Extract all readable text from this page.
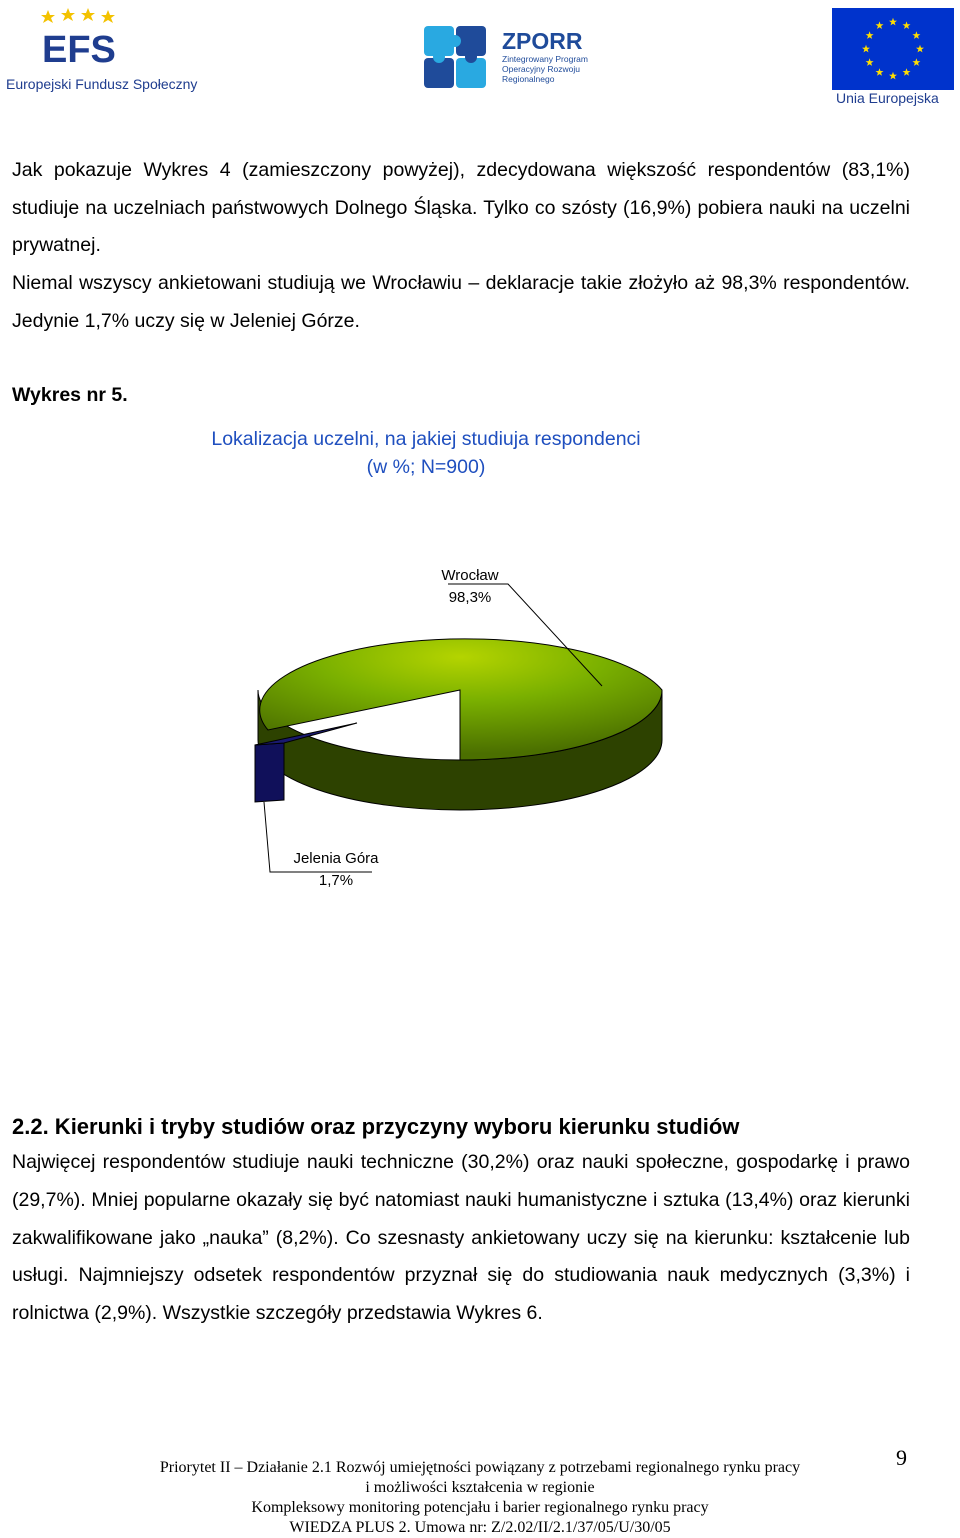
EFS
Europejski Fundusz Społeczny
ZPORR
Zintegrowany Program Operacyjny Rozwoju Regionalnego
Unia Europejska
Jak pokazuje Wykres 4 (zamieszczony powyżej), zdecydowana większość respondentów (83,1%) studiuje na uczelniach państwowych Dolnego Śląska. Tylko co szósty (16,9%) pobiera nauki na uczelni prywatnej.
Niemal wszyscy ankietowani studiują we Wrocławiu – deklaracje takie złożyło aż 98,3% respondentów. Jedynie 1,7% uczy się w Jeleniej Górze.
Wykres nr 5.
Lokalizacja uczelni, na jakiej studiuja respondenci
(w %; N=900)
Wrocław
98,3%
Jelenia Góra
1,7%
2.2. Kierunki i tryby studiów oraz przyczyny wyboru kierunku studiów
Najwięcej respondentów studiuje nauki techniczne (30,2%) oraz nauki społeczne, gospodarkę i prawo (29,7%). Mniej popularne okazały się być natomiast nauki humanistyczne i sztuka (13,4%) oraz kierunki zakwalifikowane jako „nauka” (8,2%). Co szesnasty ankietowany uczy się na kierunku: kształcenie lub usługi. Najmniejszy odsetek respondentów przyznał się do studiowania nauk medycznych (3,3%) i rolnictwa (2,9%). Wszystkie szczegóły przedstawia Wykres 6.
Priorytet II – Działanie 2.1 Rozwój umiejętności powiązany z potrzebami regionalnego rynku pracy
i możliwości kształcenia w regionie
Kompleksowy monitoring potencjału i barier regionalnego rynku pracy
WIEDZA PLUS 2. Umowa nr: Z/2.02/II/2.1/37/05/U/30/05
9
